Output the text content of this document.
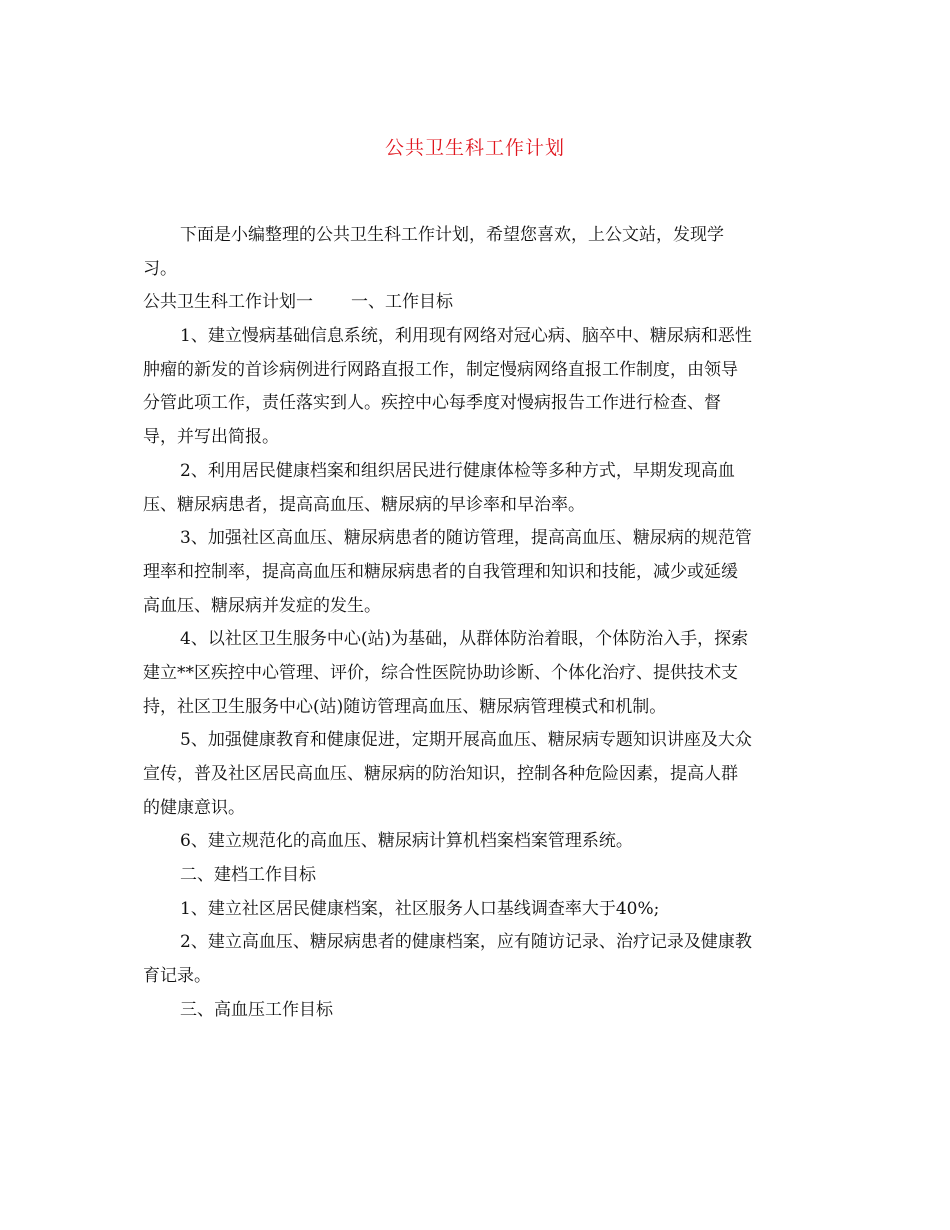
公共卫生科工作计划
下面是小编整理的公共卫生科工作计划，希望您喜欢，上公文站，发现学
习。
公共卫生科工作计划一 一、工作目标
1、建立慢病基础信息系统，利用现有网络对冠心病、脑卒中、糖尿病和恶性
肿瘤的新发的首诊病例进行网路直报工作，制定慢病网络直报工作制度，由领导
分管此项工作，责任落实到人。疾控中心每季度对慢病报告工作进行检查、督
导，并写出简报。
2、利用居民健康档案和组织居民进行健康体检等多种方式，早期发现高血
压、糖尿病患者，提高高血压、糖尿病的早诊率和早治率。
3、加强社区高血压、糖尿病患者的随访管理，提高高血压、糖尿病的规范管
理率和控制率，提高高血压和糖尿病患者的自我管理和知识和技能，减少或延缓
高血压、糖尿病并发症的发生。
4、以社区卫生服务中心(站)为基础，从群体防治着眼，个体防治入手，探索
建立**区疾控中心管理、评价，综合性医院协助诊断、个体化治疗、提供技术支
持，社区卫生服务中心(站)随访管理高血压、糖尿病管理模式和机制。
5、加强健康教育和健康促进，定期开展高血压、糖尿病专题知识讲座及大众
宣传，普及社区居民高血压、糖尿病的防治知识，控制各种危险因素，提高人群
的健康意识。
6、建立规范化的高血压、糖尿病计算机档案档案管理系统。
二、建档工作目标
1、建立社区居民健康档案，社区服务人口基线调查率大于40%;
2、建立高血压、糖尿病患者的健康档案，应有随访记录、治疗记录及健康教
育记录。
三、高血压工作目标
